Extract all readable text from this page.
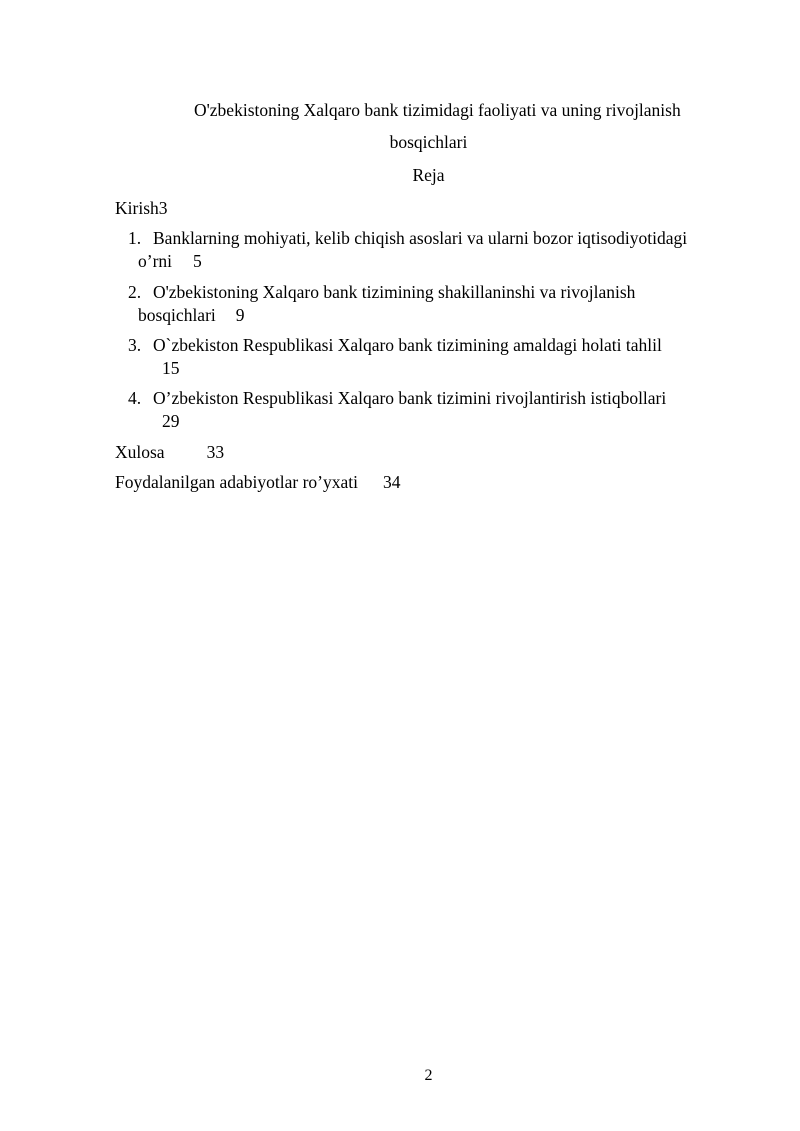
O'zbekistoning Xalqaro bank tizimidagi faoliyati va uning rivojlanish

bosqichlari

Reja

Kirish3
1. Banklarning mohiyati, kelib chiqish asoslari va ularni bozor iqtisodiyotidagi
o’rni 5
2. O'zbekistoning Xalqaro bank tizimining shakillaninshi va rivojlanish
bosqichlari 9
3. O`zbekiston Respublikasi Xalqaro bank tizimining amaldagi holati tahlil
15
4. O’zbekiston Respublikasi Xalqaro bank tizimini rivojlantirish istiqbollari
29
Xulosa 33
Foydalanilgan adabiyotlar ro’yxati 34
2
